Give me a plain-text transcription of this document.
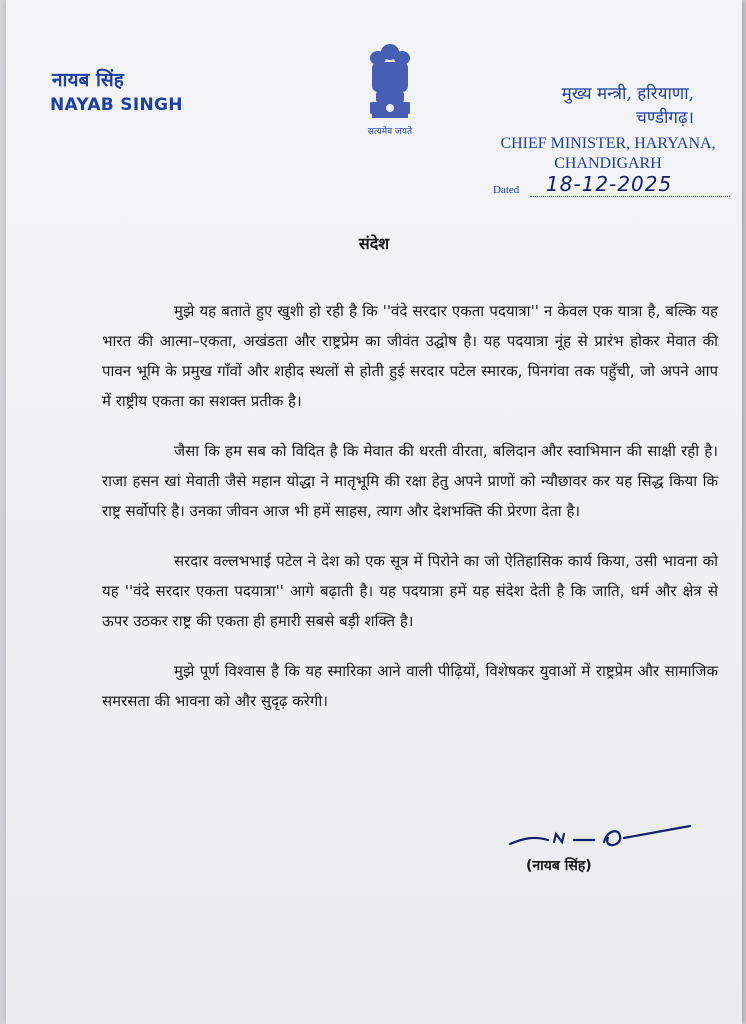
नायब सिंह
NAYAB SINGH
सत्यमेव जयते
मुख्य मन्त्री, हरियाणा,
चण्डीगढ़।
CHIEF MINISTER, HARYANA,
CHANDIGARH
Dated 18-12-2025
संदेश

मुझे यह बताते हुए खुशी हो रही है कि ''वंदे सरदार एकता पदयात्रा'' न केवल एक यात्रा है, बल्कि यह भारत की आत्मा–एकता, अखंडता और राष्ट्रप्रेम का जीवंत उद्घोष है। यह पदयात्रा नूंह से प्रारंभ होकर मेवात की पावन भूमि के प्रमुख गाँवों और शहीद स्थलों से होती हुई सरदार पटेल स्मारक, पिनगंवा तक पहुँची, जो अपने आप में राष्ट्रीय एकता का सशक्त प्रतीक है।

जैसा कि हम सब को विदित है कि मेवात की धरती वीरता, बलिदान और स्वाभिमान की साक्षी रही है। राजा हसन खां मेवाती जैसे महान योद्धा ने मातृभूमि की रक्षा हेतु अपने प्राणों को न्यौछावर कर यह सिद्ध किया कि राष्ट्र सर्वोपरि है। उनका जीवन आज भी हमें साहस, त्याग और देशभक्ति की प्रेरणा देता है।

सरदार वल्लभभाई पटेल ने देश को एक सूत्र में पिरोने का जो ऐतिहासिक कार्य किया, उसी भावना को यह ''वंदे सरदार एकता पदयात्रा'' आगे बढ़ाती है। यह पदयात्रा हमें यह संदेश देती है कि जाति, धर्म और क्षेत्र से ऊपर उठकर राष्ट्र की एकता ही हमारी सबसे बड़ी शक्ति है।

मुझे पूर्ण विश्वास है कि यह स्मारिका आने वाली पीढ़ियों, विशेषकर युवाओं में राष्ट्रप्रेम और सामाजिक समरसता की भावना को और सुदृढ़ करेगी।

(नायब सिंह)
